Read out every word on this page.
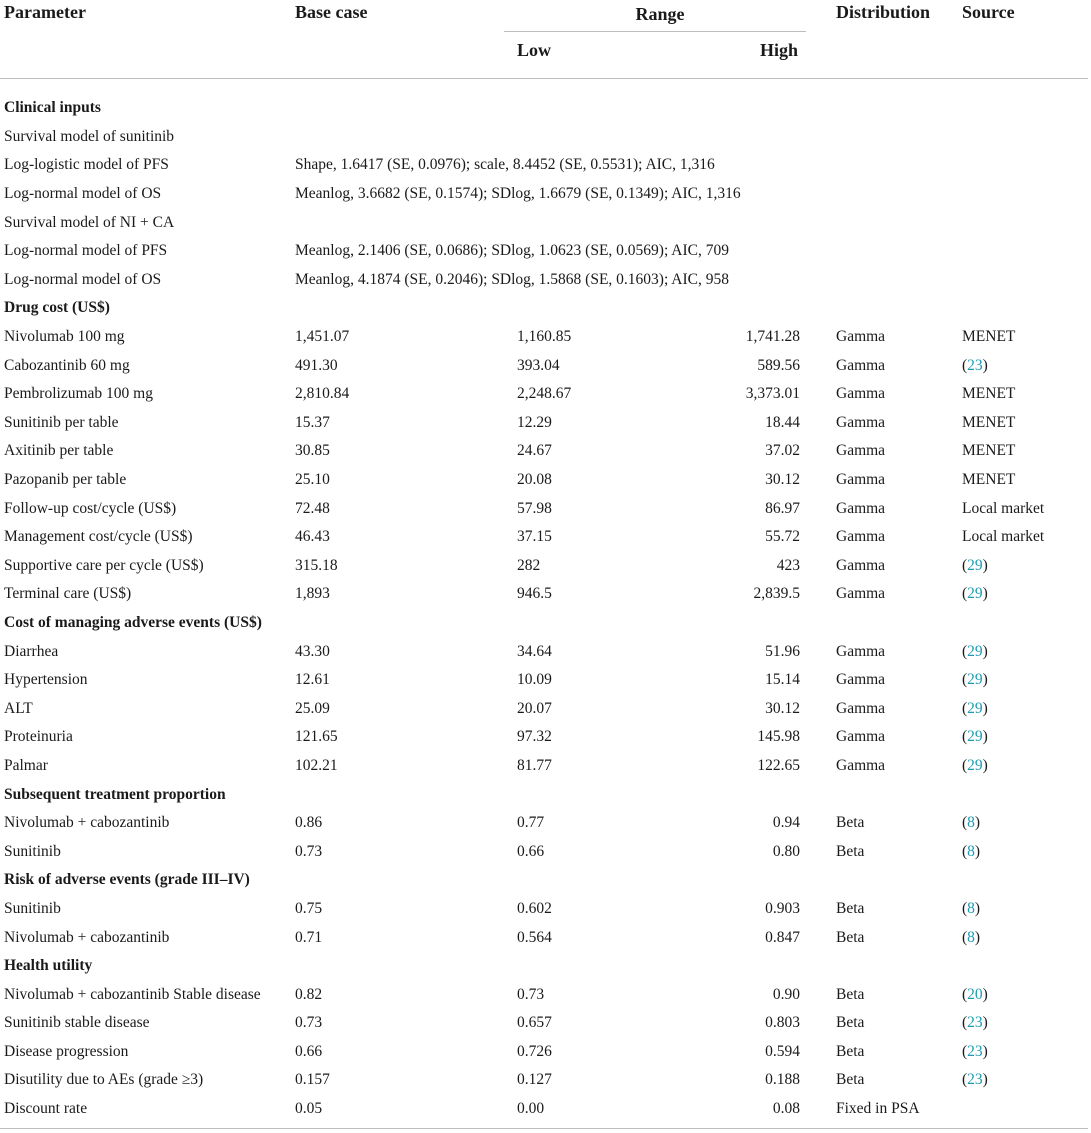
Parameter	Base case	Range		Distribution	Source
		Low	High		
Clinical inputs					
Survival model of sunitinib					
Log-logistic model of PFS	Shape, 1.6417 (SE, 0.0976); scale, 8.4452 (SE, 0.5531); AIC, 1,316				
Log-normal model of OS	Meanlog, 3.6682 (SE, 0.1574); SDlog, 1.6679 (SE, 0.1349); AIC, 1,316				
Survival model of NI + CA					
Log-normal model of PFS	Meanlog, 2.1406 (SE, 0.0686); SDlog, 1.0623 (SE, 0.0569); AIC, 709				
Log-normal model of OS	Meanlog, 4.1874 (SE, 0.2046); SDlog, 1.5868 (SE, 0.1603); AIC, 958				
Drug cost (US$)					
Nivolumab 100 mg	1,451.07	1,160.85	1,741.28	Gamma	MENET
Cabozantinib 60 mg	491.30	393.04	589.56	Gamma	(23)
Pembrolizumab 100 mg	2,810.84	2,248.67	3,373.01	Gamma	MENET
Sunitinib per table	15.37	12.29	18.44	Gamma	MENET
Axitinib per table	30.85	24.67	37.02	Gamma	MENET
Pazopanib per table	25.10	20.08	30.12	Gamma	MENET
Follow-up cost/cycle (US$)	72.48	57.98	86.97	Gamma	Local market
Management cost/cycle (US$)	46.43	37.15	55.72	Gamma	Local market
Supportive care per cycle (US$)	315.18	282	423	Gamma	(29)
Terminal care (US$)	1,893	946.5	2,839.5	Gamma	(29)
Cost of managing adverse events (US$)					
Diarrhea	43.30	34.64	51.96	Gamma	(29)
Hypertension	12.61	10.09	15.14	Gamma	(29)
ALT	25.09	20.07	30.12	Gamma	(29)
Proteinuria	121.65	97.32	145.98	Gamma	(29)
Palmar	102.21	81.77	122.65	Gamma	(29)
Subsequent treatment proportion					
Nivolumab + cabozantinib	0.86	0.77	0.94	Beta	(8)
Sunitinib	0.73	0.66	0.80	Beta	(8)
Risk of adverse events (grade III–IV)					
Sunitinib	0.75	0.602	0.903	Beta	(8)
Nivolumab + cabozantinib	0.71	0.564	0.847	Beta	(8)
Health utility					
Nivolumab + cabozantinib Stable disease	0.82	0.73	0.90	Beta	(20)
Sunitinib stable disease	0.73	0.657	0.803	Beta	(23)
Disease progression	0.66	0.726	0.594	Beta	(23)
Disutility due to AEs (grade ≥3)	0.157	0.127	0.188	Beta	(23)
Discount rate	0.05	0.00	0.08	Fixed in PSA	
